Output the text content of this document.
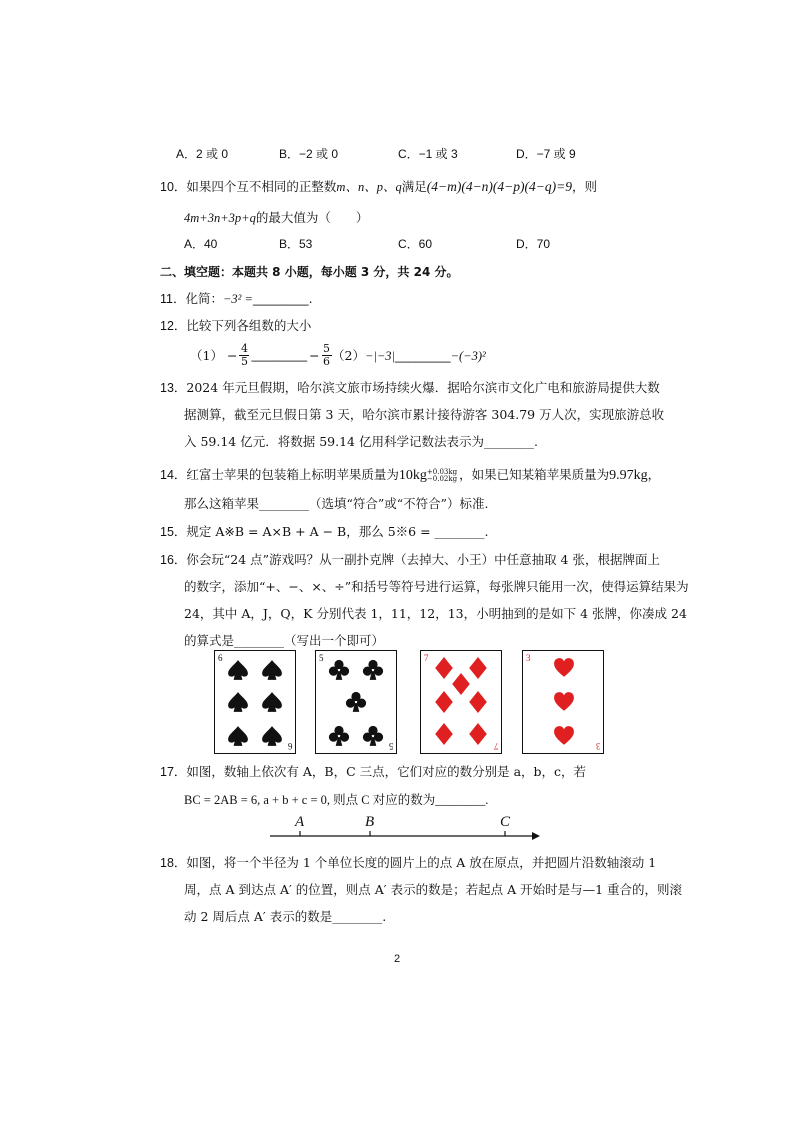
A．2 或 0	B．−2 或 0	C．−1 或 3	D．−7 或 9
10．如果四个互不相同的正整数m、n、p、q满足(4−m)(4−n)(4−p)(4−q)=9，则
4m+3n+3p+q的最大值为（　　）
A．40	B．53	C．60	D．70
二、填空题：本题共 8 小题，每小题 3 分，共 24 分。
11．化简：−3² =________.
12．比较下列各组数的大小
（1） − 4
5 ________ − 5
6 （2）−|−3|________−(−3)²
13．2024 年元旦假期，哈尔滨文旅市场持续火爆．据哈尔滨市文化广电和旅游局提供大数
据测算，截至元旦假日第 3 天，哈尔滨市累计接待游客 304.79 万人次，实现旅游总收
入 59.14 亿元．将数据 59.14 亿用科学记数法表示为________.
14．红富士苹果的包装箱上标明苹果质量为10kg +0.03kg
−0.02kg ，如果已知某箱苹果质量为9.97kg，
那么这箱苹果________（选填“符合”或“不符合”）标准.
15．规定 A※B = A×B + A − B，那么 5※6 = ________.
16．你会玩“24 点”游戏吗？从一副扑克牌（去掉大、小王）中任意抽取 4 张，根据牌面上
的数字，添加“+、−、×、÷”和括号等符号进行运算，每张牌只能用一次，使得运算结果为
24，其中 A，J，Q，K 分别代表 1，11，12，13，小明抽到的是如下 4 张牌，你凑成 24
的算式是________（写出一个即可）
6
6
5
5
7
7
3
3
17．如图，数轴上依次有 A，B，C 三点，它们对应的数分别是 a，b，c，若
BC = 2AB = 6, a + b + c = 0, 则点 C 对应的数为________.
A	B	C
18．如图，将一个半径为 1 个单位长度的圆片上的点 A 放在原点，并把圆片沿数轴滚动 1
周，点 A 到达点 A′ 的位置，则点 A′ 表示的数是；若起点 A 开始时是与—1 重合的，则滚
动 2 周后点 A′ 表示的数是________.
2
